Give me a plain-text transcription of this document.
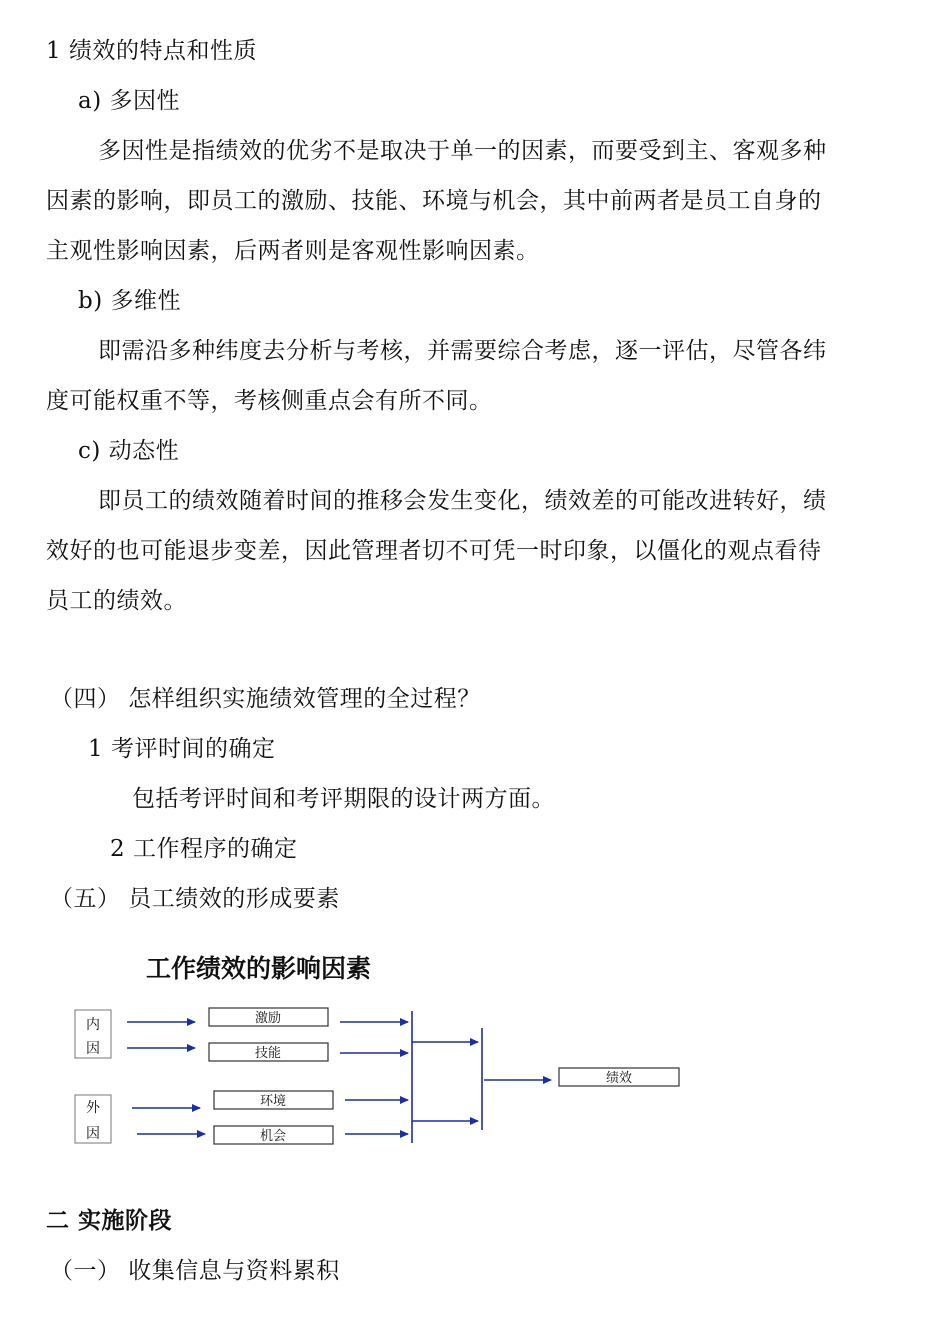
1 绩效的特点和性质
a) 多因性
多因性是指绩效的优劣不是取决于单一的因素，而要受到主、客观多种
因素的影响，即员工的激励、技能、环境与机会，其中前两者是员工自身的
主观性影响因素，后两者则是客观性影响因素。
b) 多维性
即需沿多种纬度去分析与考核，并需要综合考虑，逐一评估，尽管各纬
度可能权重不等，考核侧重点会有所不同。
c) 动态性
即员工的绩效随着时间的推移会发生变化，绩效差的可能改进转好，绩
效好的也可能退步变差，因此管理者切不可凭一时印象，以僵化的观点看待
员工的绩效。
（四） 怎样组织实施绩效管理的全过程？
1 考评时间的确定
包括考评时间和考评期限的设计两方面。
2 工作程序的确定
（五） 员工绩效的形成要素
二 实施阶段
（一） 收集信息与资料累积
工作绩效的影响因素
内
因
外
因
激励
技能
环境
机会
绩效
